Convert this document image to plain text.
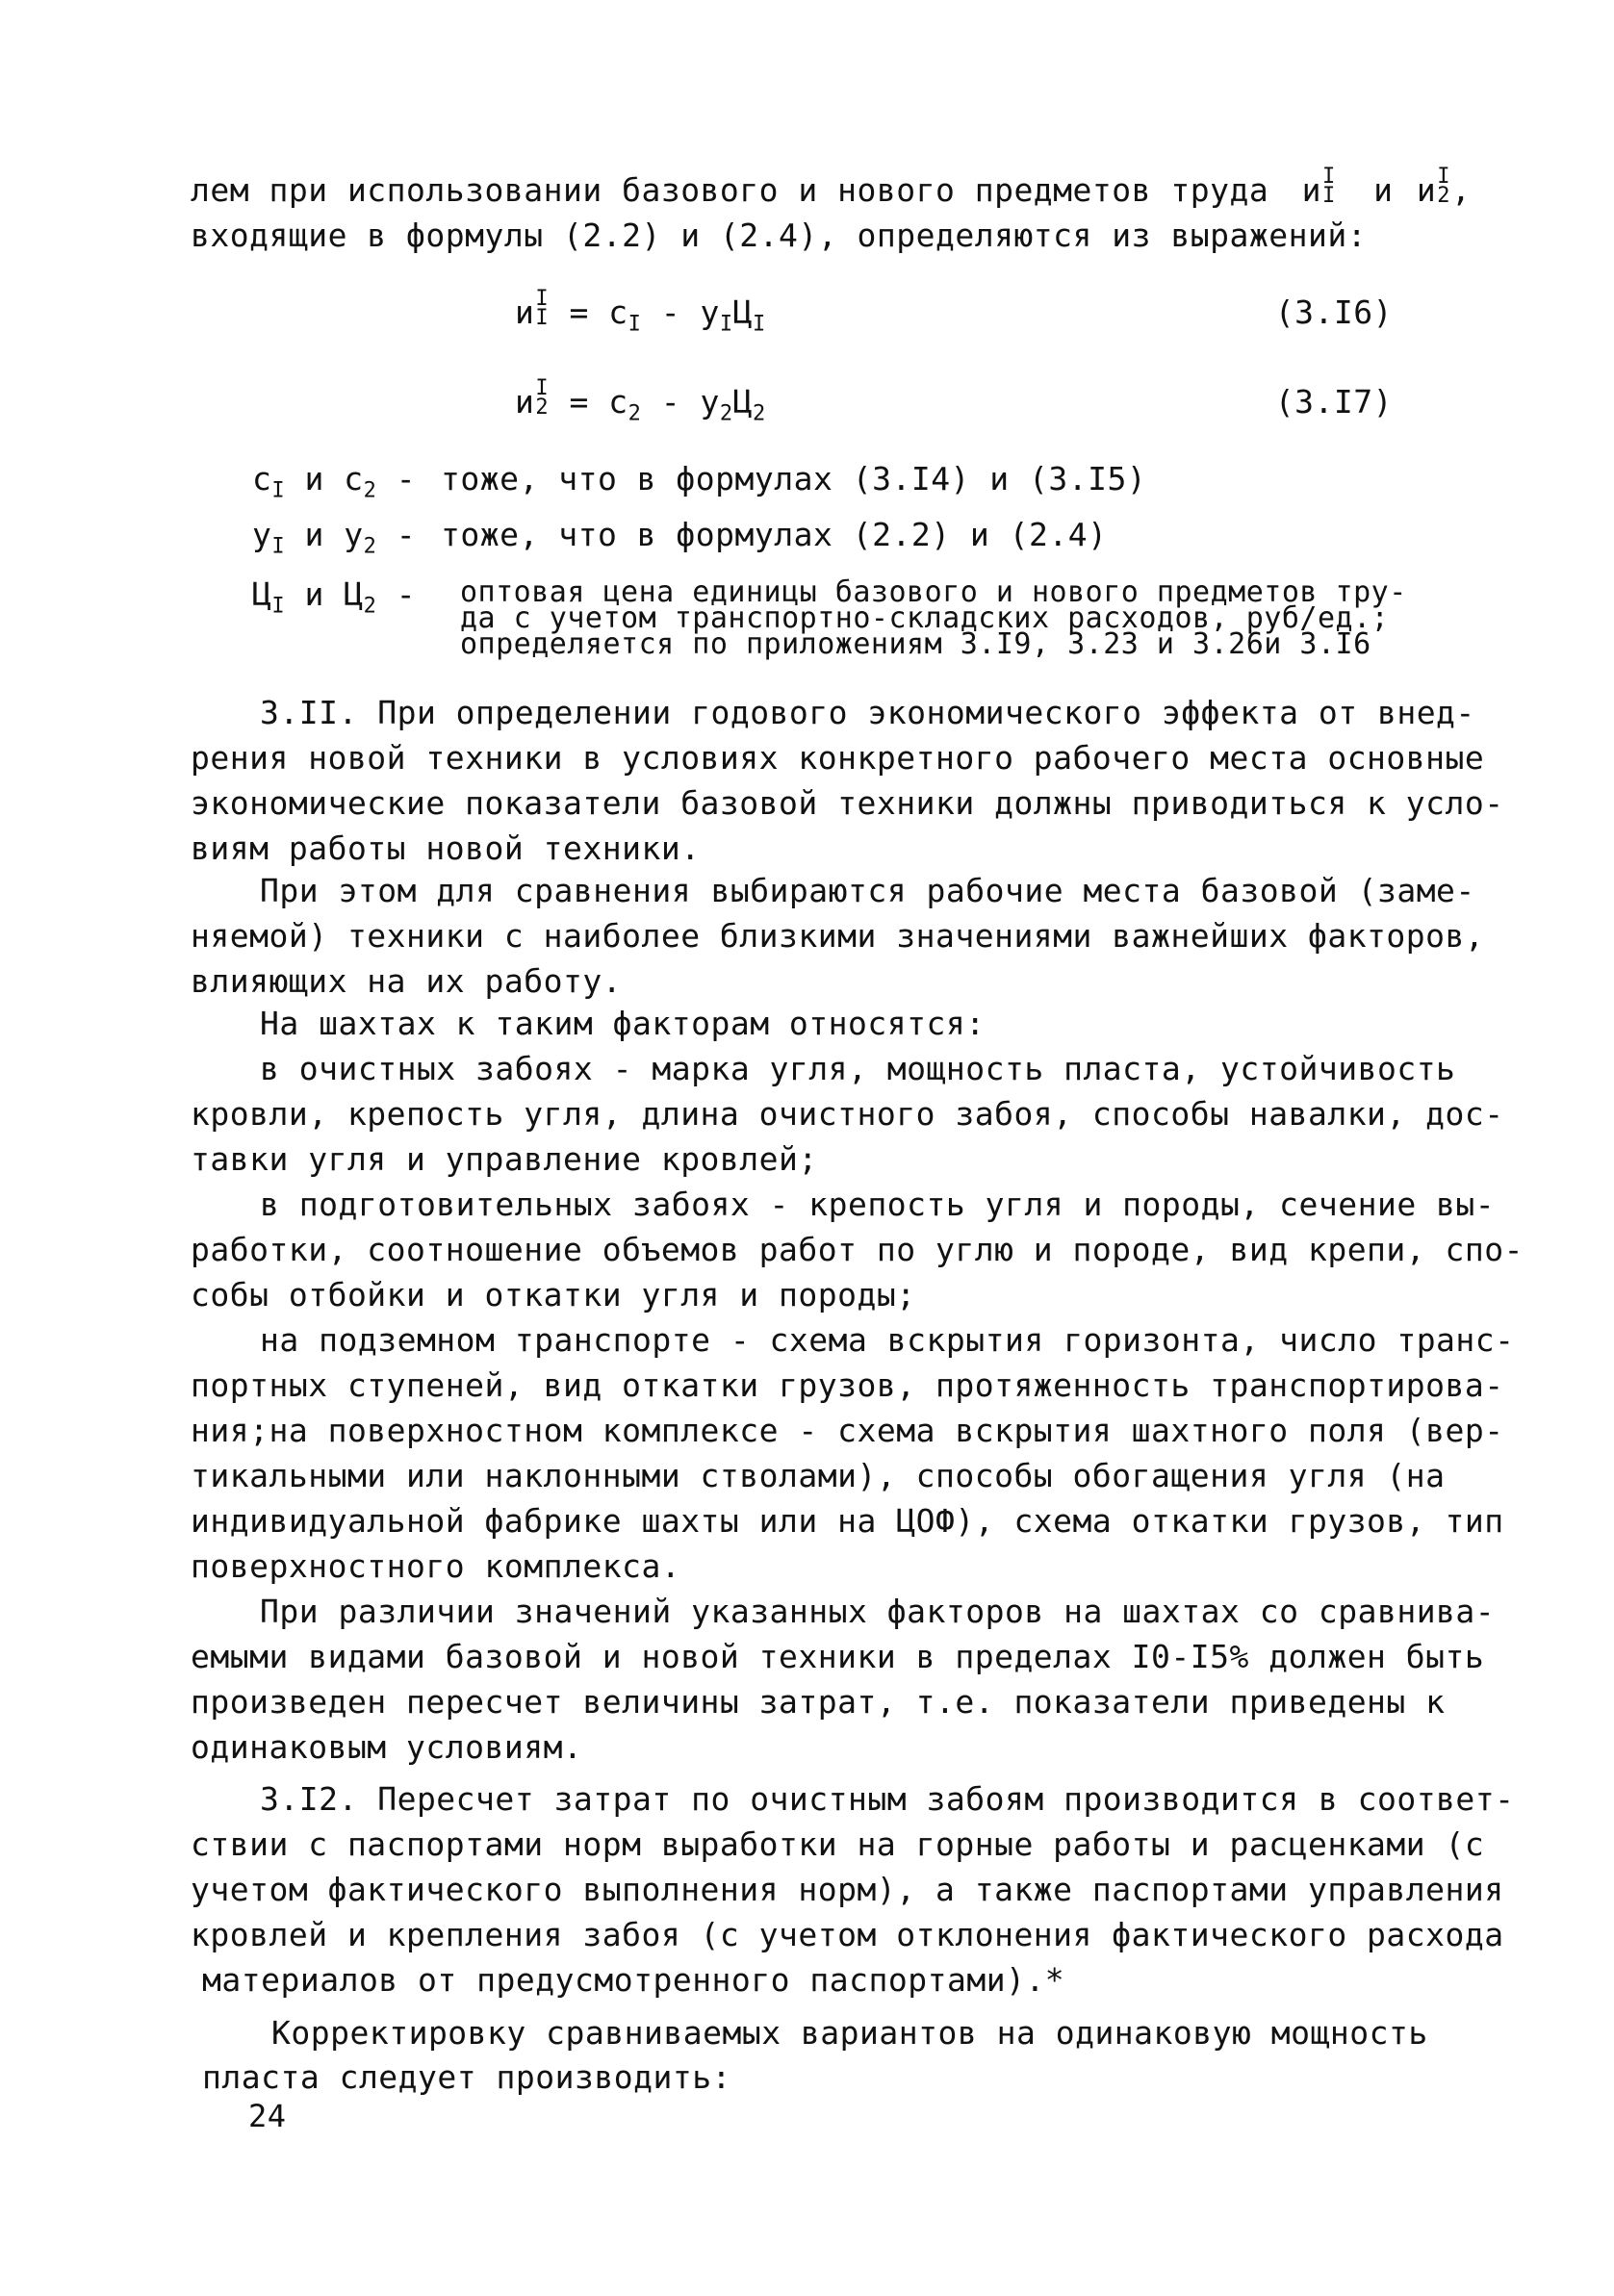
лем при использовании базового и нового предметов труда и I
I и и I
2 ,
входящие в формулы (2.2) и (2.4), определяются из выражений:
и I
$I = c_I - y_IЦ_I$	(3.I6)
и I
$2 = c_2 - y_2Ц_2$	(3.I7)
$c_I$ и $c_2$ - тоже, что в формулах (3.I4) и (3.I5)
$y_I$ и $y_2$ - тоже, что в формулах (2.2) и (2.4)
$Ц_I$ и $Ц_2$ - оптовая цена единицы базового и нового предметов тру-
да с учетом транспортно-складских расходов, руб/ед.;
определяется по приложениям 3.I9, 3.23 и 3.26и 3.I6
3.II. При определении годового экономического эффекта от внед-
рения новой техники в условиях конкретного рабочего места основные
экономические показатели базовой техники должны приводиться к усло-
виям работы новой техники.
При этом для сравнения выбираются рабочие места базовой (заме-
няемой) техники с наиболее близкими значениями важнейших факторов,
влияющих на их работу.
На шахтах к таким факторам относятся:
в очистных забоях - марка угля, мощность пласта, устойчивость
кровли, крепость угля, длина очистного забоя, способы навалки, дос-
тавки угля и управление кровлей;
в подготовительных забоях - крепость угля и породы, сечение вы-
работки, соотношение объемов работ по углю и породе, вид крепи, спо-
собы отбойки и откатки угля и породы;
на подземном транспорте - схема вскрытия горизонта, число транс-
портных ступеней, вид откатки грузов, протяженность транспортирова-
ния;на поверхностном комплексе - схема вскрытия шахтного поля (вер-
тикальными или наклонными стволами), способы обогащения угля (на
индивидуальной фабрике шахты или на ЦОФ), схема откатки грузов, тип
поверхностного комплекса.
При различии значений указанных факторов на шахтах со сравнива-
емыми видами базовой и новой техники в пределах I0-I5% должен быть
произведен пересчет величины затрат, т.е. показатели приведены к
одинаковым условиям.
3.I2. Пересчет затрат по очистным забоям производится в соответ-
ствии с паспортами норм выработки на горные работы и расценками (с
учетом фактического выполнения норм), а также паспортами управления
кровлей и крепления забоя (с учетом отклонения фактического расхода
материалов от предусмотренного паспортами).*
Корректировку сравниваемых вариантов на одинаковую мощность
пласта следует производить:
24
